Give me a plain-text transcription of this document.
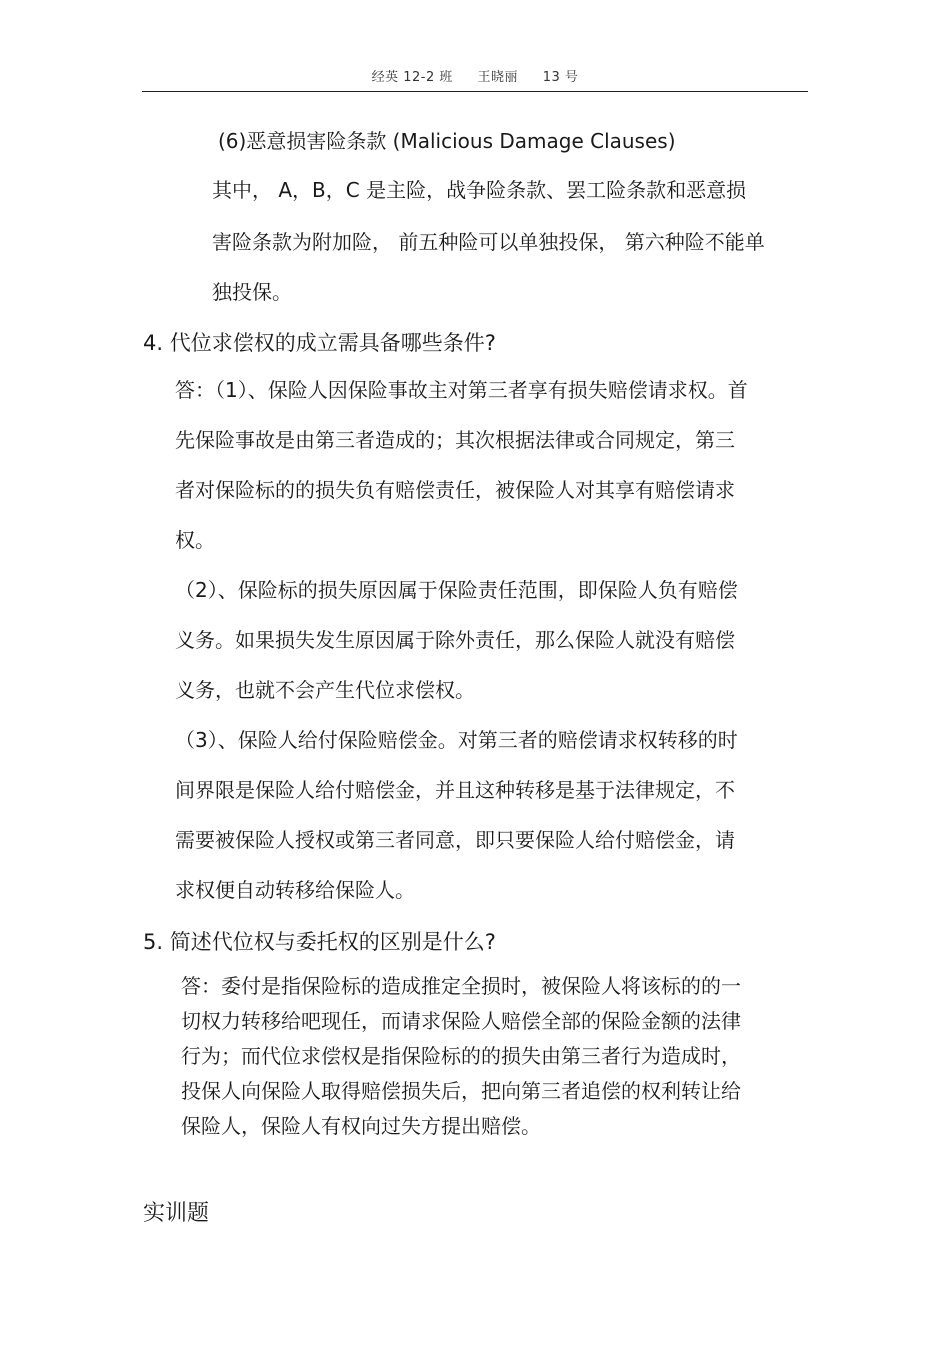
经英 12-2 班 王晓丽 13 号
(6)恶意损害险条款 (Malicious Damage Clauses)
其中， A，B，C 是主险，战争险条款、罢工险条款和恶意损
害险条款为附加险， 前五种险可以单独投保， 第六种险不能单
独投保。
4. 代位求偿权的成立需具备哪些条件?
答：（1）、保险人因保险事故主对第三者享有损失赔偿请求权。首
先保险事故是由第三者造成的；其次根据法律或合同规定，第三
者对保险标的的损失负有赔偿责任，被保险人对其享有赔偿请求
权。
（2）、保险标的损失原因属于保险责任范围，即保险人负有赔偿
义务。如果损失发生原因属于除外责任，那么保险人就没有赔偿
义务，也就不会产生代位求偿权。
（3）、保险人给付保险赔偿金。对第三者的赔偿请求权转移的时
间界限是保险人给付赔偿金，并且这种转移是基于法律规定，不
需要被保险人授权或第三者同意，即只要保险人给付赔偿金，请
求权便自动转移给保险人。
5. 简述代位权与委托权的区别是什么?
答：委付是指保险标的造成推定全损时，被保险人将该标的的一
切权力转移给吧现任，而请求保险人赔偿全部的保险金额的法律
行为；而代位求偿权是指保险标的的损失由第三者行为造成时，
投保人向保险人取得赔偿损失后，把向第三者追偿的权利转让给
保险人，保险人有权向过失方提出赔偿。
实训题
